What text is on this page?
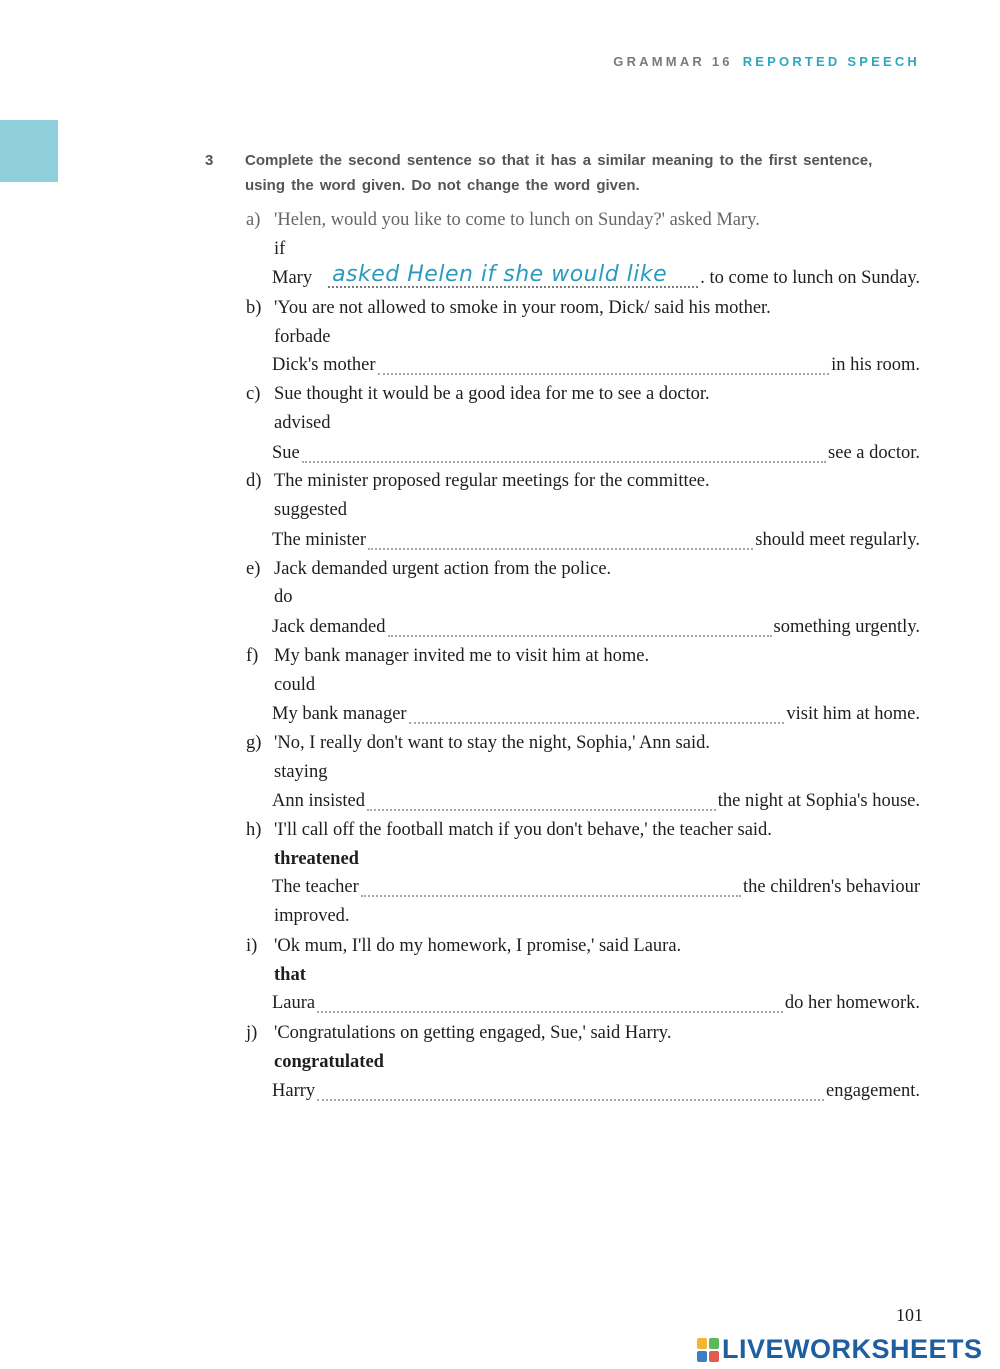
GRAMMAR 16 REPORTED SPEECH
3 Complete the second sentence so that it has a similar meaning to the first sentence, using the word given. Do not change the word given.
a) 'Helen, would you like to come to lunch on Sunday?' asked Mary.
if
Mary asked Helen if she would like . to come to lunch on Sunday.
b) 'You are not allowed to smoke in your room, Dick/ said his mother.
forbade
Dick's mother	in his room.
c) Sue thought it would be a good idea for me to see a doctor.
advised
Sue	see a doctor.
d) The minister proposed regular meetings for the committee.
suggested
The minister	should meet regularly.
e) Jack demanded urgent action from the police.
do
Jack demanded	something urgently.
f) My bank manager invited me to visit him at home.
could
My bank manager	visit him at home.
g) 'No, I really don't want to stay the night, Sophia,' Ann said.
staying
Ann insisted	the night at Sophia's house.
h) 'I'll call off the football match if you don't behave,' the teacher said.
threatened
The teacher	the children's behaviour
improved.
i) 'Ok mum, I'll do my homework, I promise,' said Laura.
that
Laura	do her homework.
j) 'Congratulations on getting engaged, Sue,' said Harry.
congratulated
Harry	engagement.
101
LIVEWORKSHEETS
